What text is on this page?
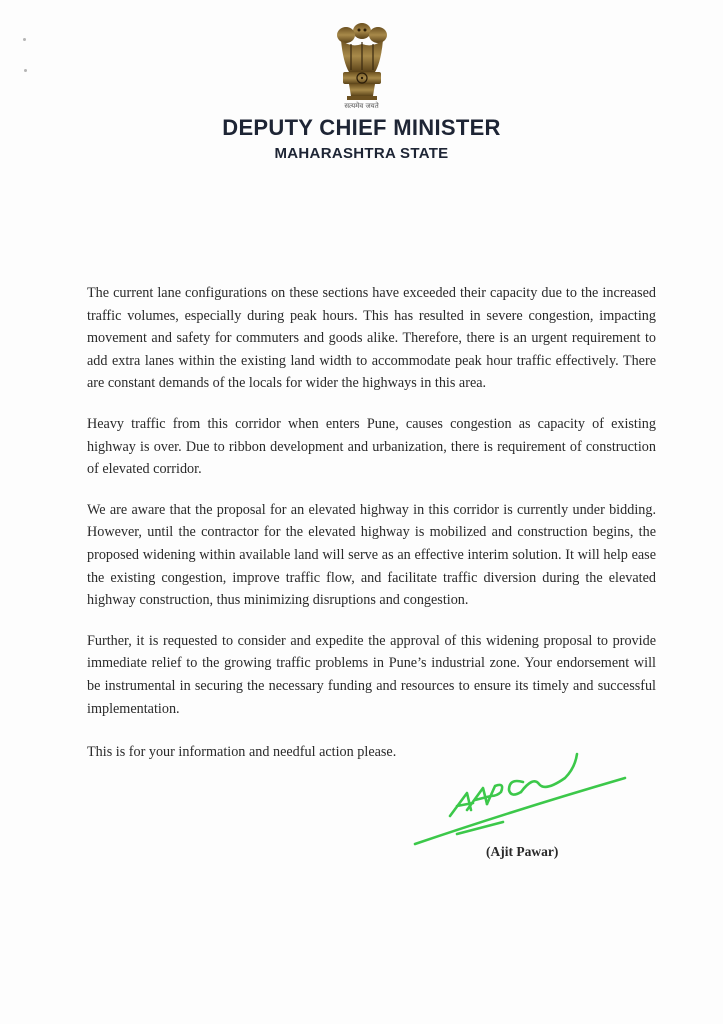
सत्यमेव जयते
DEPUTY CHIEF MINISTER
MAHARASHTRA STATE

The current lane configurations on these sections have exceeded their capacity due to the increased traffic volumes, especially during peak hours. This has resulted in severe congestion, impacting movement and safety for commuters and goods alike. Therefore, there is an urgent requirement to add extra lanes within the existing land width to accommodate peak hour traffic effectively. There are constant demands of the locals for wider the highways in this area.

Heavy traffic from this corridor when enters Pune, causes congestion as capacity of existing highway is over. Due to ribbon development and urbanization, there is requirement of construction of elevated corridor.

We are aware that the proposal for an elevated highway in this corridor is currently under bidding. However, until the contractor for the elevated highway is mobilized and construction begins, the proposed widening within available land will serve as an effective interim solution. It will help ease the existing congestion, improve traffic flow, and facilitate traffic diversion during the elevated highway construction, thus minimizing disruptions and congestion.

Further, it is requested to consider and expedite the approval of this widening proposal to provide immediate relief to the growing traffic problems in Pune’s industrial zone. Your endorsement will be instrumental in securing the necessary funding and resources to ensure its timely and successful implementation.

This is for your information and needful action please.
(Ajit Pawar)
